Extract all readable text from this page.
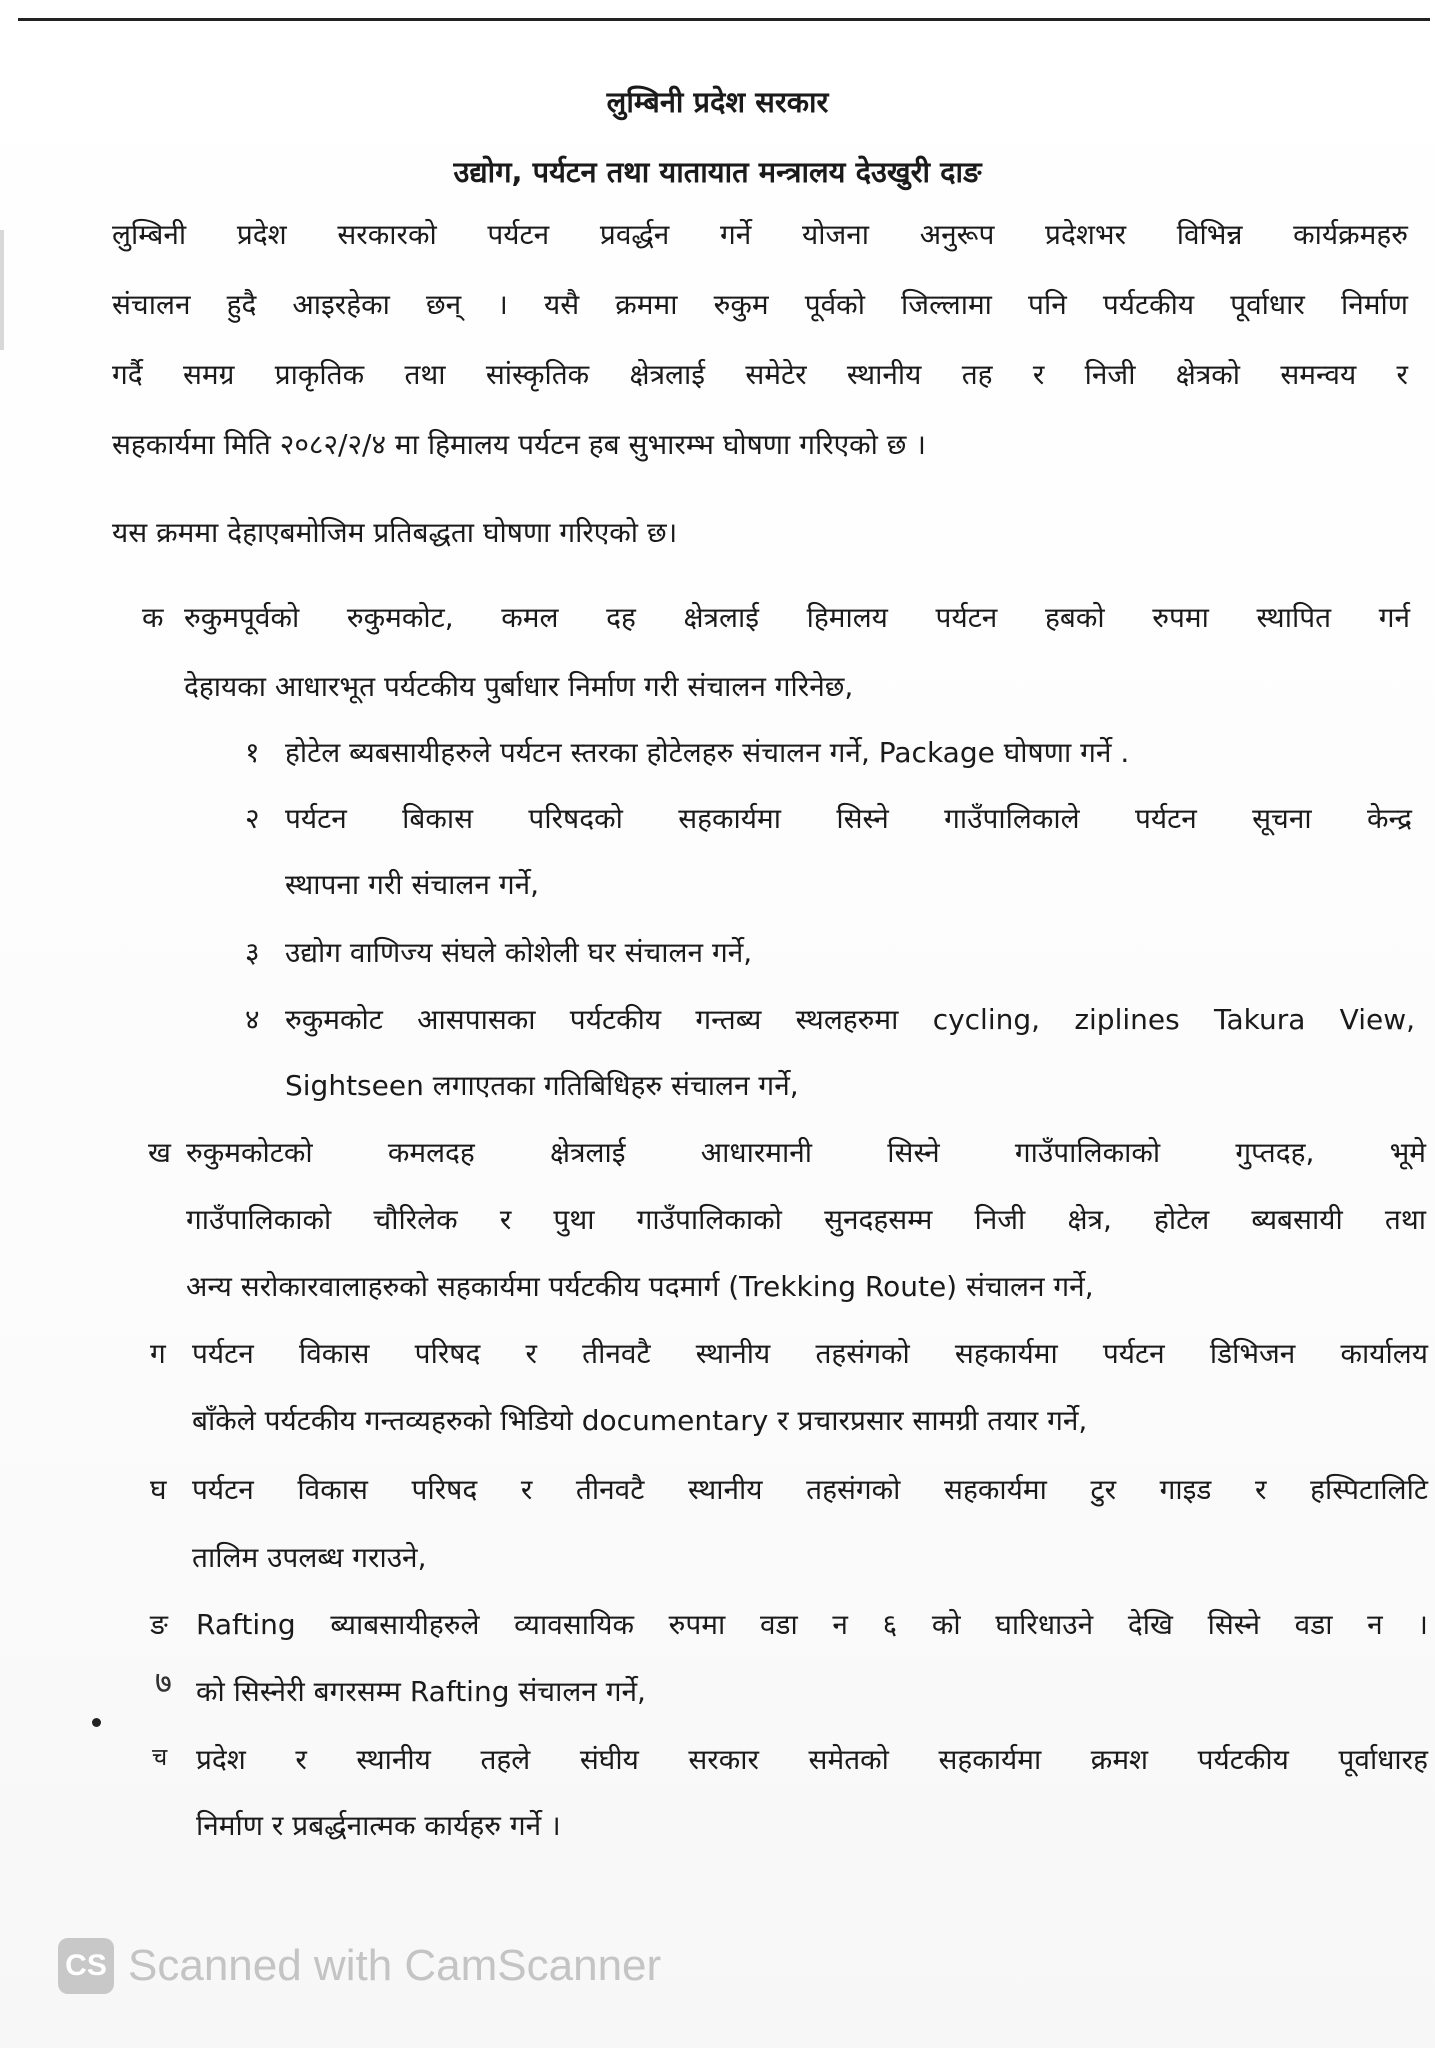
लुम्बिनी प्रदेश सरकार
उद्योग, पर्यटन तथा यातायात मन्त्रालय देउखुरी दाङ
लुम्बिनी प्रदेश सरकारको पर्यटन प्रवर्द्धन गर्ने योजना अनुरूप प्रदेशभर विभिन्न कार्यक्रमहरु
संचालन हुदै आइरहेका छन् । यसै क्रममा रुकुम पूर्वको जिल्लामा पनि पर्यटकीय पूर्वाधार निर्माण
गर्दै समग्र प्राकृतिक तथा सांस्कृतिक क्षेत्रलाई समेटेर स्थानीय तह र निजी क्षेत्रको समन्वय र
सहकार्यमा मिति २०८२/२/४ मा हिमालय पर्यटन हब सुभारम्भ घोषणा गरिएको छ ।
यस क्रममा देहाएबमोजिम प्रतिबद्धता घोषणा गरिएको छ।
क रुकुमपूर्वको रुकुमकोट, कमल दह क्षेत्रलाई हिमालय पर्यटन हबको रुपमा स्थापित गर्न
देहायका आधारभूत पर्यटकीय पुर्बाधार निर्माण गरी संचालन गरिनेछ,
१ होटेल ब्यबसायीहरुले पर्यटन स्तरका होटेलहरु संचालन गर्ने, Package घोषणा गर्ने .
२ पर्यटन बिकास परिषदको सहकार्यमा सिस्ने गाउँपालिकाले पर्यटन सूचना केन्द्र
स्थापना गरी संचालन गर्ने,
३ उद्योग वाणिज्य संघले कोशेली घर संचालन गर्ने,
४ रुकुमकोट आसपासका पर्यटकीय गन्तब्य स्थलहरुमा cycling, ziplines Takura View,
Sightseen लगाएतका गतिबिधिहरु संचालन गर्ने,
ख रुकुमकोटको कमलदह क्षेत्रलाई आधारमानी सिस्ने गाउँपालिकाको गुप्तदह, भूमे
गाउँपालिकाको चौरिलेक र पुथा गाउँपालिकाको सुनदहसम्म निजी क्षेत्र, होटेल ब्यबसायी तथा
अन्य सरोकारवालाहरुको सहकार्यमा पर्यटकीय पदमार्ग (Trekking Route) संचालन गर्ने,
ग पर्यटन विकास परिषद र तीनवटै स्थानीय तहसंगको सहकार्यमा पर्यटन डिभिजन कार्यालय
बाँकेले पर्यटकीय गन्तव्यहरुको भिडियो documentary र प्रचारप्रसार सामग्री तयार गर्ने,
घ पर्यटन विकास परिषद र तीनवटै स्थानीय तहसंगको सहकार्यमा टुर गाइड र हस्पिटालिटि
तालिम उपलब्ध गराउने,
ङ Rafting ब्याबसायीहरुले व्यावसायिक रुपमा वडा न ६ को घारिधाउने देखि सिस्ने वडा न ।
७ को सिस्नेरी बगरसम्म Rafting संचालन गर्ने,
च प्रदेश र स्थानीय तहले संघीय सरकार समेतको सहकार्यमा क्रमश पर्यटकीय पूर्वाधारह
निर्माण र प्रबर्द्धनात्मक कार्यहरु गर्ने ।
CS Scanned with CamScanner
